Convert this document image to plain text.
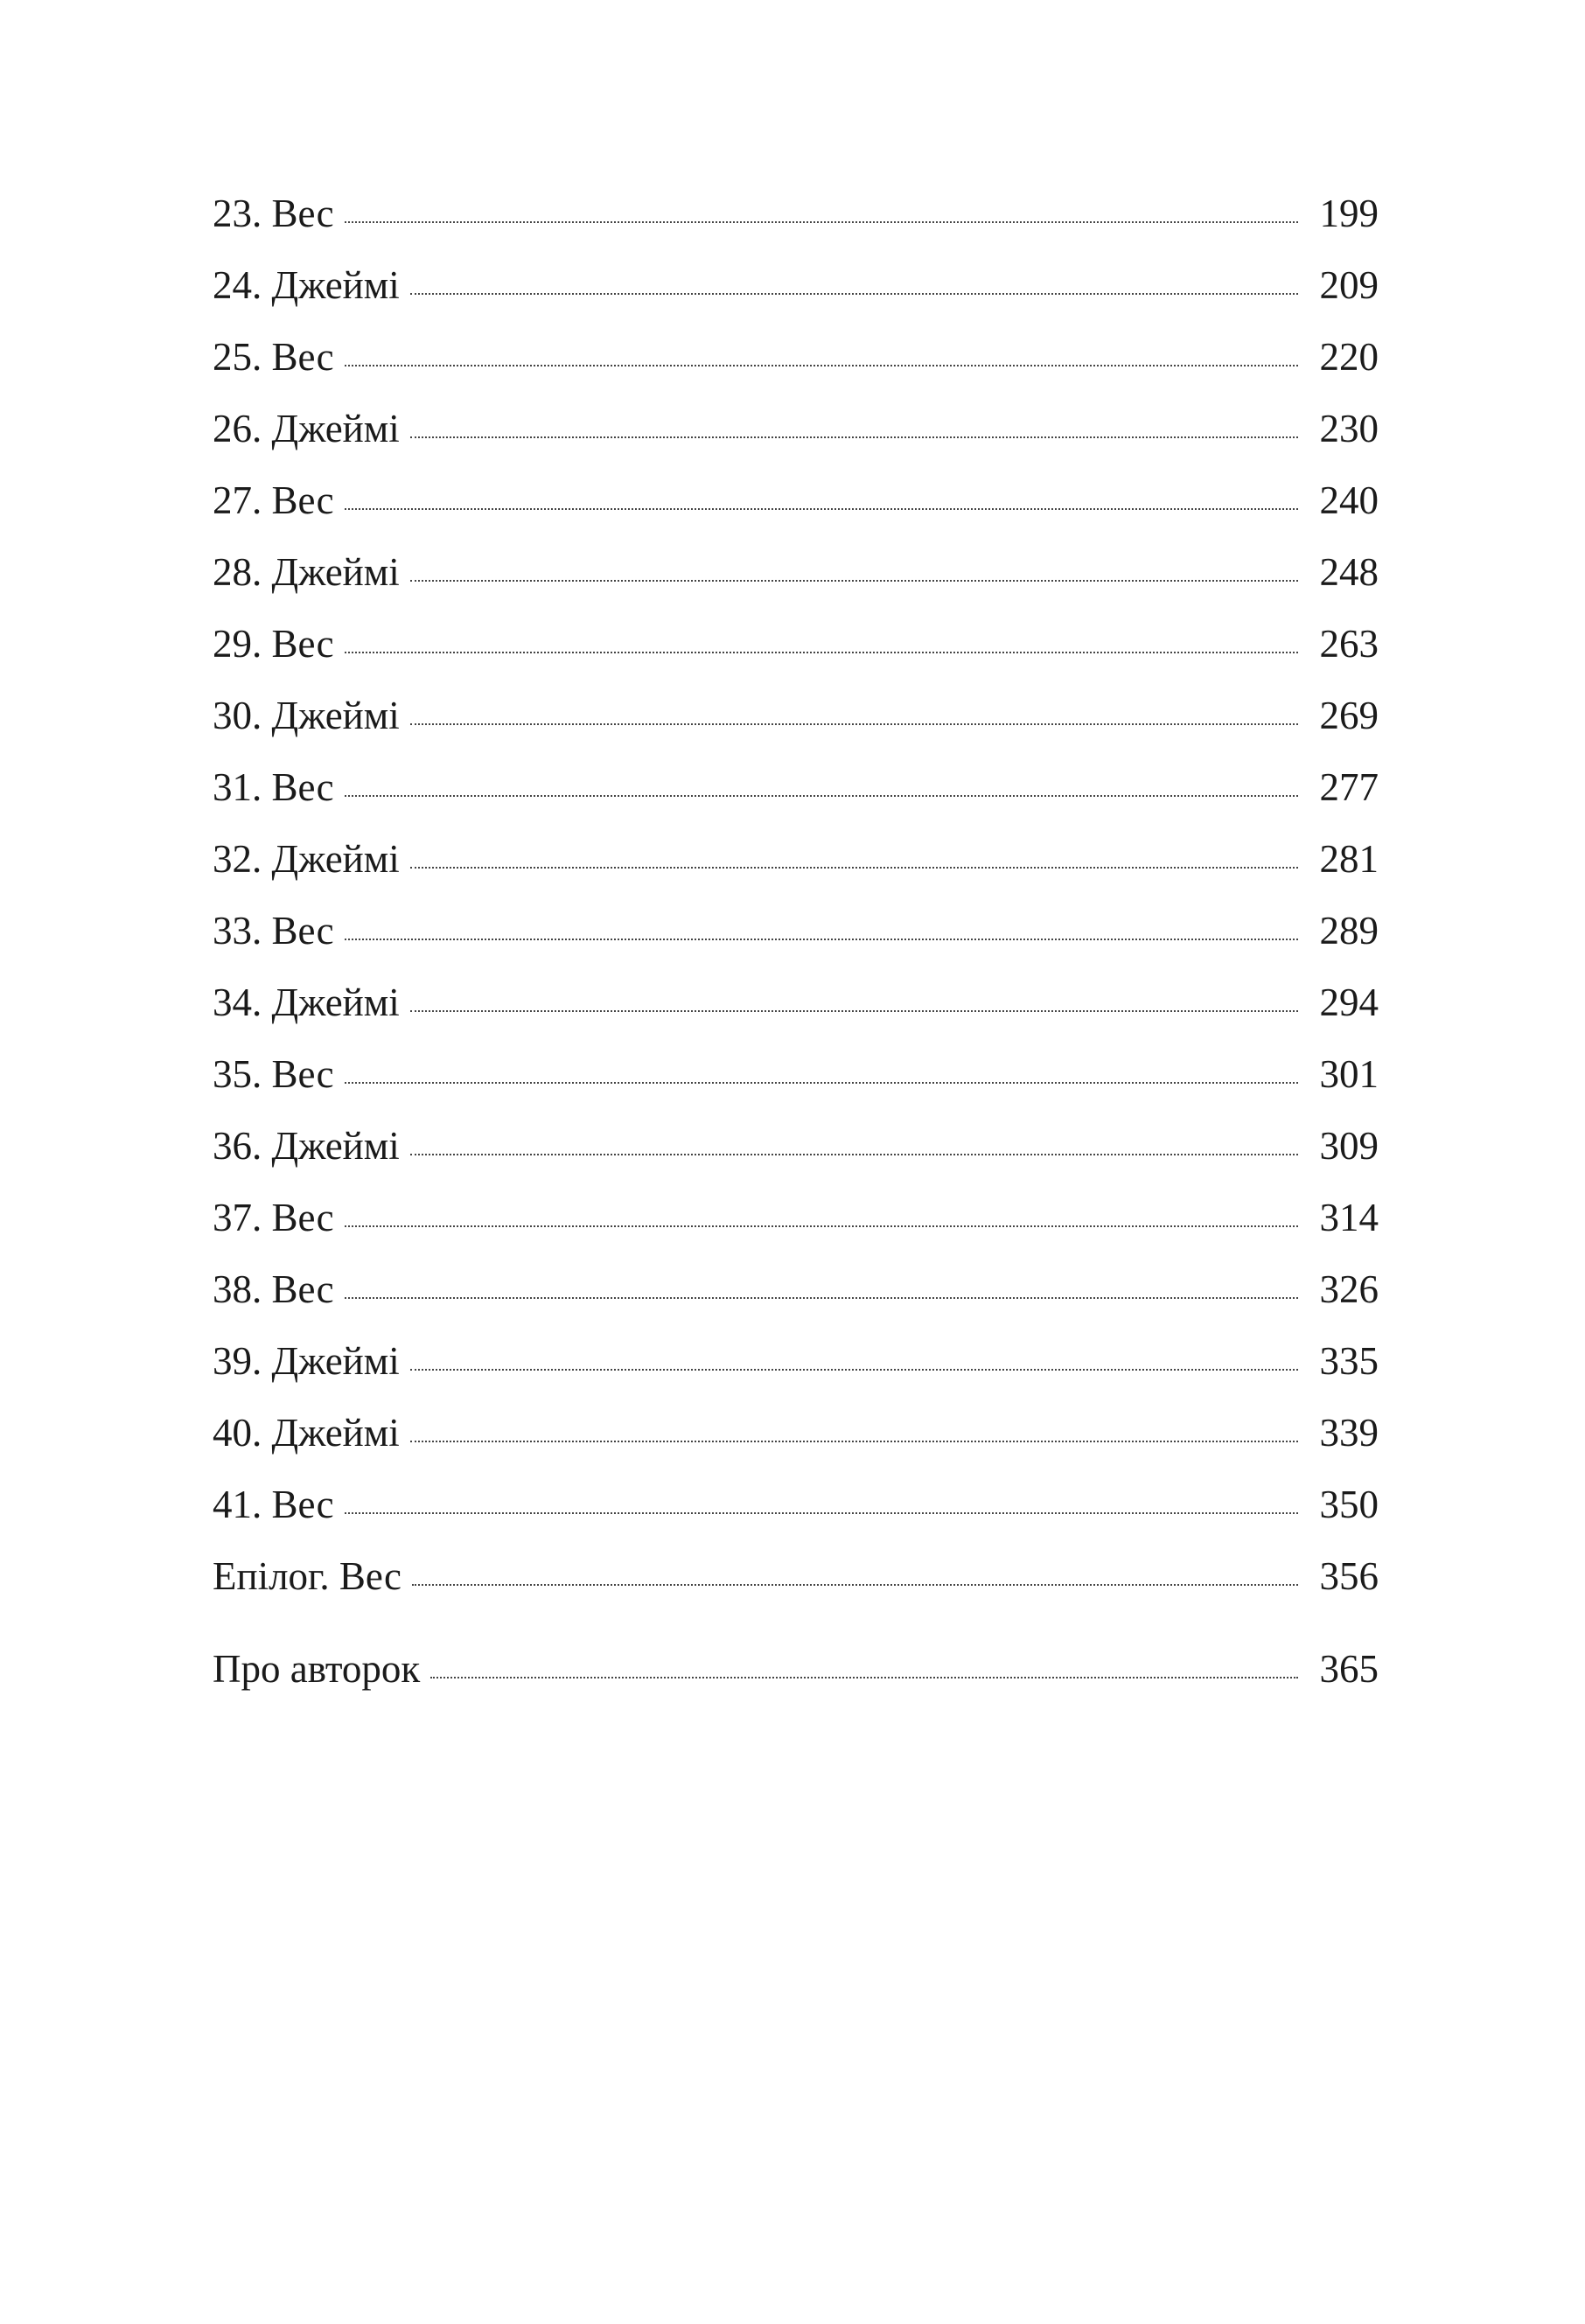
23. Вес	199
24. Джеймі	209
25. Вес	220
26. Джеймі	230
27. Вес	240
28. Джеймі	248
29. Вес	263
30. Джеймі	269
31. Вес	277
32. Джеймі	281
33. Вес	289
34. Джеймі	294
35. Вес	301
36. Джеймі	309
37. Вес	314
38. Вес	326
39. Джеймі	335
40. Джеймі	339
41. Вес	350
Епілог. Вес	356
Про авторок	365
